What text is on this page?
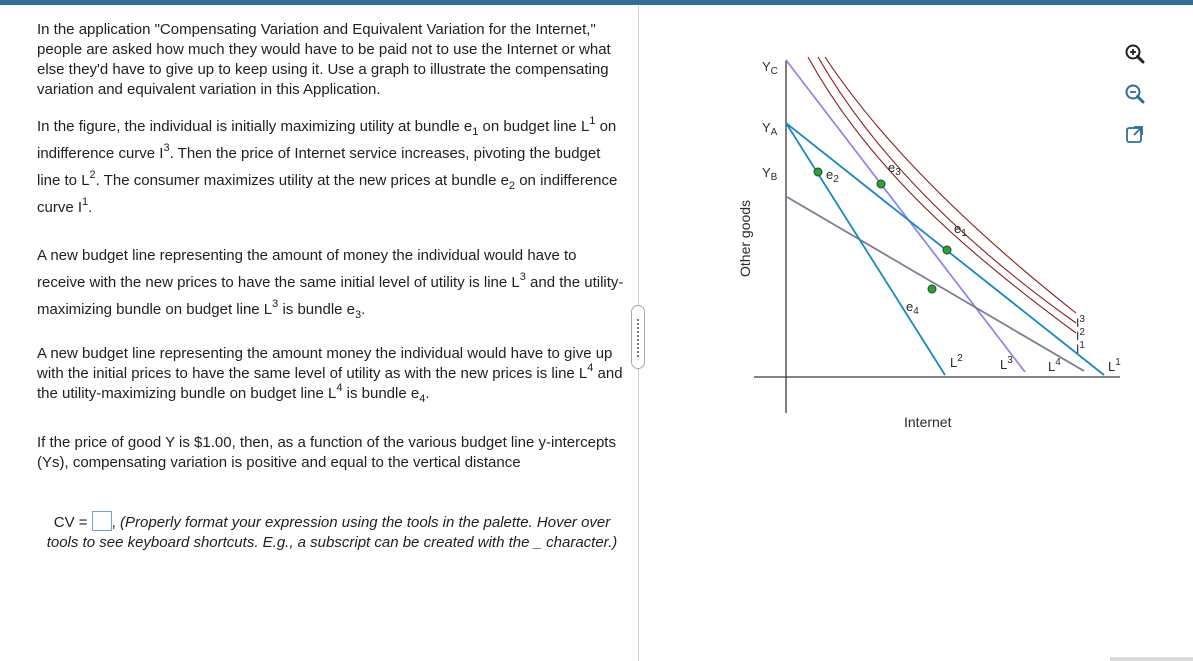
In the application "Compensating Variation and Equivalent Variation for the Internet," people are asked how much they would have to be paid not to use the Internet or what else they'd have to give up to keep using it. Use a graph to illustrate the compensating variation and equivalent variation in this Application.
In the figure, the individual is initially maximizing utility at bundle $e_1$ on budget line $L^1$ on indifference curve $I^3$. Then the price of Internet service increases, pivoting the budget line to $L^2$. The consumer maximizes utility at the new prices at bundle $e_2$ on indifference curve $I^1$.
A new budget line representing the amount of money the individual would have to receive with the new prices to have the same initial level of utility is line $L^3$ and the utility-maximizing bundle on budget line $L^3$ is bundle $e_3$.
A new budget line representing the amount money the individual would have to give up with the initial prices to have the same level of utility as with the new prices is line $L^4$ and the utility-maximizing bundle on budget line $L^4$ is bundle $e_4$.
If the price of good Y is $1.00, then, as a function of the various budget line y-intercepts (Ys), compensating variation is positive and equal to the vertical distance
CV = , (Properly format your expression using the tools in the palette. Hover over tools to see keyboard shortcuts. E.g., a subscript can be created with the _ character.)
$Y_C$
$Y_A$
$Y_B$	$e_2$
$e_3$
$e_1$
$e_4$
$L^2$	$L^3$	$L^4$	$L^1$
$I^1$
$I^2$
$I^3$
Internet
Other goods
